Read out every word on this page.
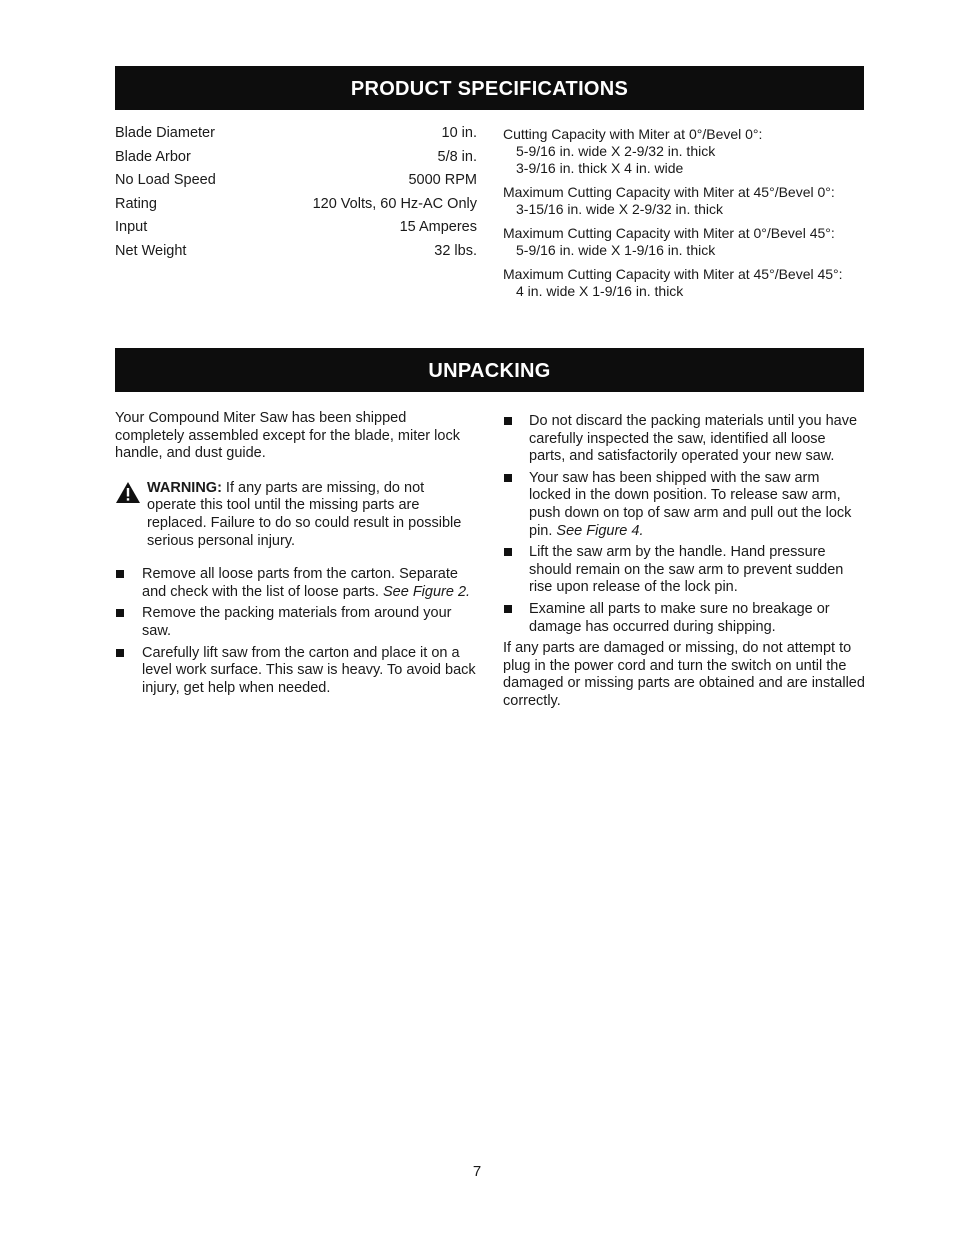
PRODUCT SPECIFICATIONS
Blade Diameter	10 in.
Blade Arbor	5/8 in.
No Load Speed	5000 RPM
Rating	120 Volts, 60 Hz-AC Only
Input	15 Amperes
Net Weight	32 lbs.
Cutting Capacity with Miter at 0°/Bevel 0°:
5-9/16 in. wide X 2-9/32 in. thick
3-9/16 in. thick X 4 in. wide
Maximum Cutting Capacity with Miter at 45°/Bevel 0°:
3-15/16 in. wide X 2-9/32 in. thick
Maximum Cutting Capacity with Miter at 0°/Bevel 45°:
5-9/16 in. wide X 1-9/16 in. thick
Maximum Cutting Capacity with Miter at 45°/Bevel 45°:
4 in. wide X 1-9/16 in. thick
UNPACKING

Your Compound Miter Saw has been shipped completely assembled except for the blade, miter lock handle, and dust guide.

WARNING: If any parts are missing, do not operate this tool until the missing parts are replaced. Failure to do so could result in possible serious personal injury.
Remove all loose parts from the carton. Separate and check with the list of loose parts. See Figure 2.
Remove the packing materials from around your saw.
Carefully lift saw from the carton and place it on a level work surface. This saw is heavy. To avoid back injury, get help when needed.
Do not discard the packing materials until you have carefully inspected the saw, identified all loose parts, and satisfactorily operated your new saw.
Your saw has been shipped with the saw arm locked in the down position. To release saw arm, push down on top of saw arm and pull out the lock pin. See Figure 4.
Lift the saw arm by the handle. Hand pressure should remain on the saw arm to prevent sudden rise upon release of the lock pin.
Examine all parts to make sure no breakage or damage has occurred during shipping.

If any parts are damaged or missing, do not attempt to plug in the power cord and turn the switch on until the damaged or missing parts are obtained and are installed correctly.

7
